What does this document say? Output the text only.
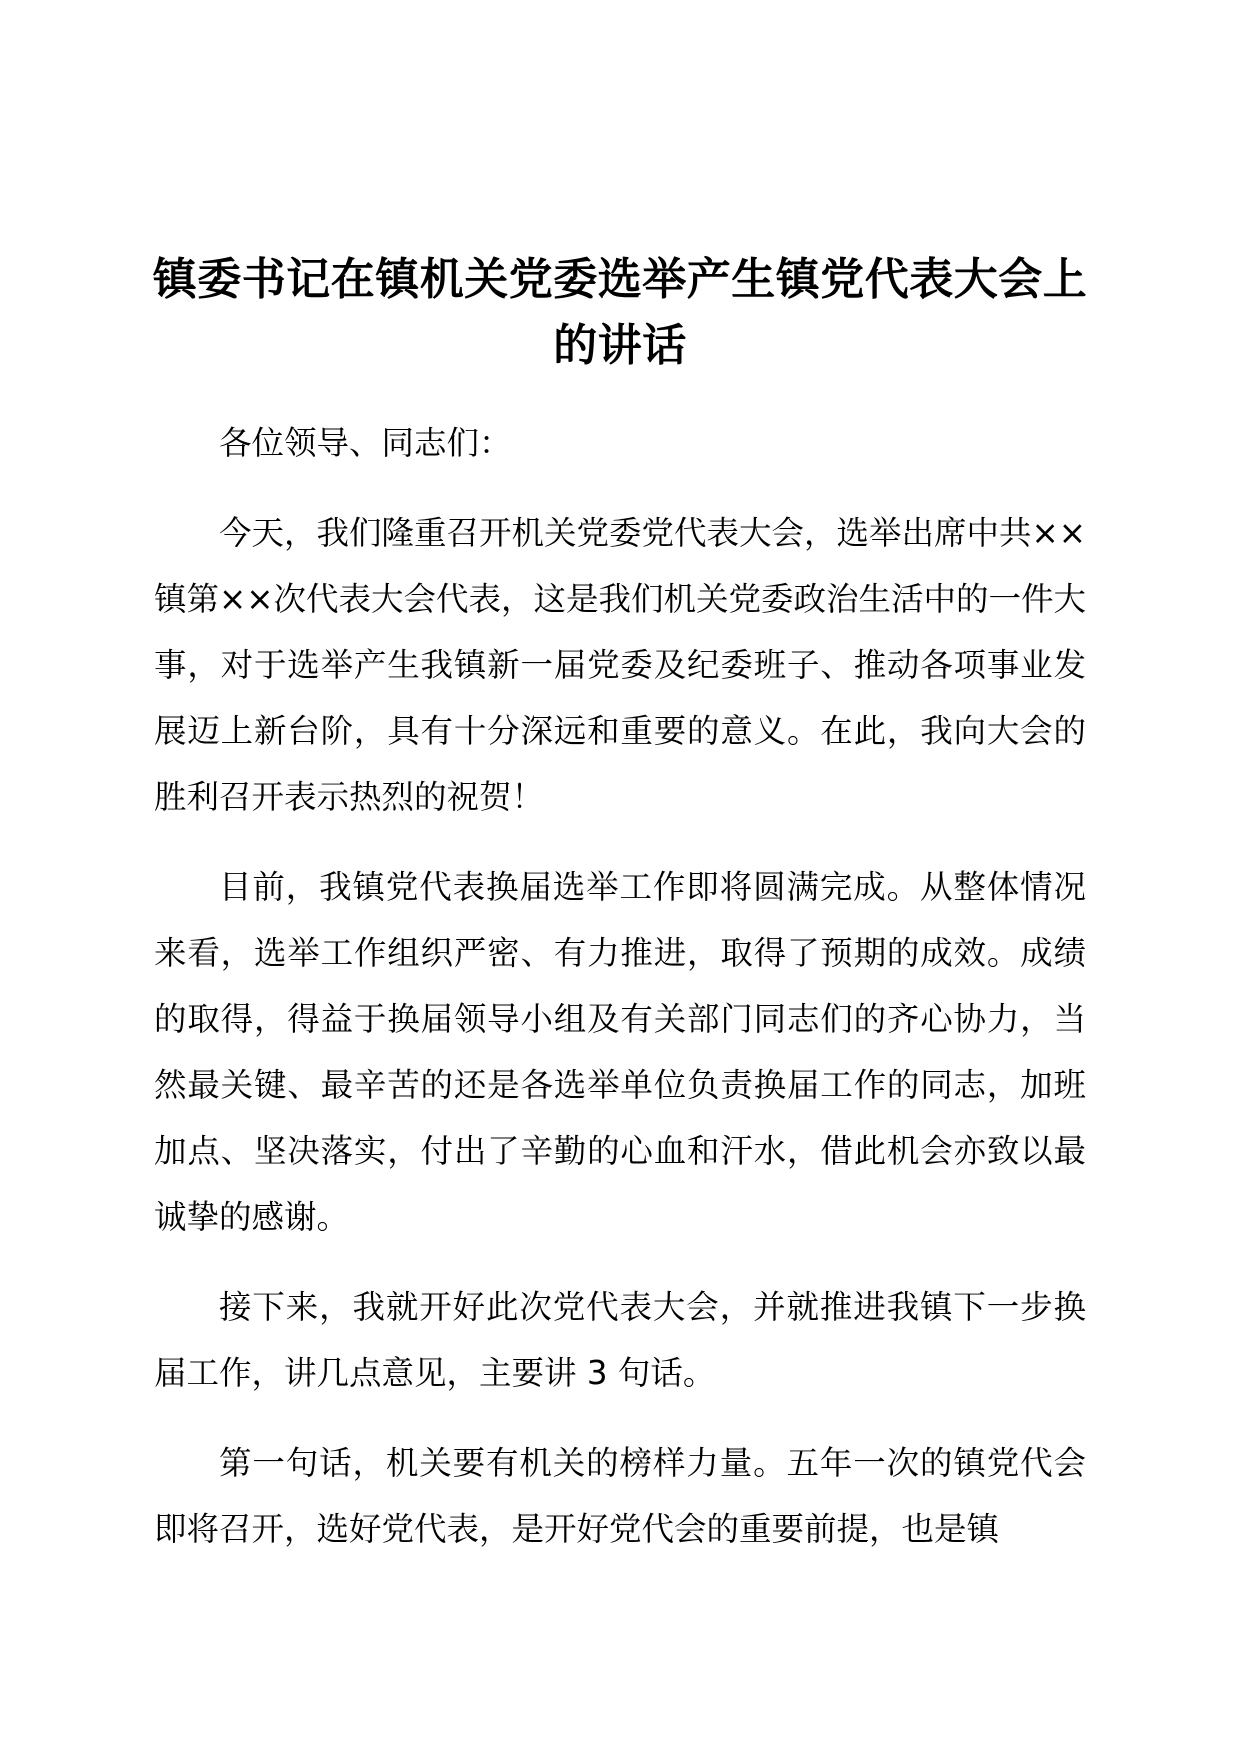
镇委书记在镇机关党委选举产生镇党代表大会上的讲话

各位领导、同志们：

今天，我们隆重召开机关党委党代表大会，选举出席中共××镇第××次代表大会代表，这是我们机关党委政治生活中的一件大事，对于选举产生我镇新一届党委及纪委班子、推动各项事业发展迈上新台阶，具有十分深远和重要的意义。在此，我向大会的胜利召开表示热烈的祝贺！

目前，我镇党代表换届选举工作即将圆满完成。从整体情况来看，选举工作组织严密、有力推进，取得了预期的成效。成绩的取得，得益于换届领导小组及有关部门同志们的齐心协力，当然最关键、最辛苦的还是各选举单位负责换届工作的同志，加班加点、坚决落实，付出了辛勤的心血和汗水，借此机会亦致以最诚挚的感谢。

接下来，我就开好此次党代表大会，并就推进我镇下一步换届工作，讲几点意见，主要讲 3 句话。

第一句话，机关要有机关的榜样力量。五年一次的镇党代会即将召开，选好党代表，是开好党代会的重要前提，也是镇
